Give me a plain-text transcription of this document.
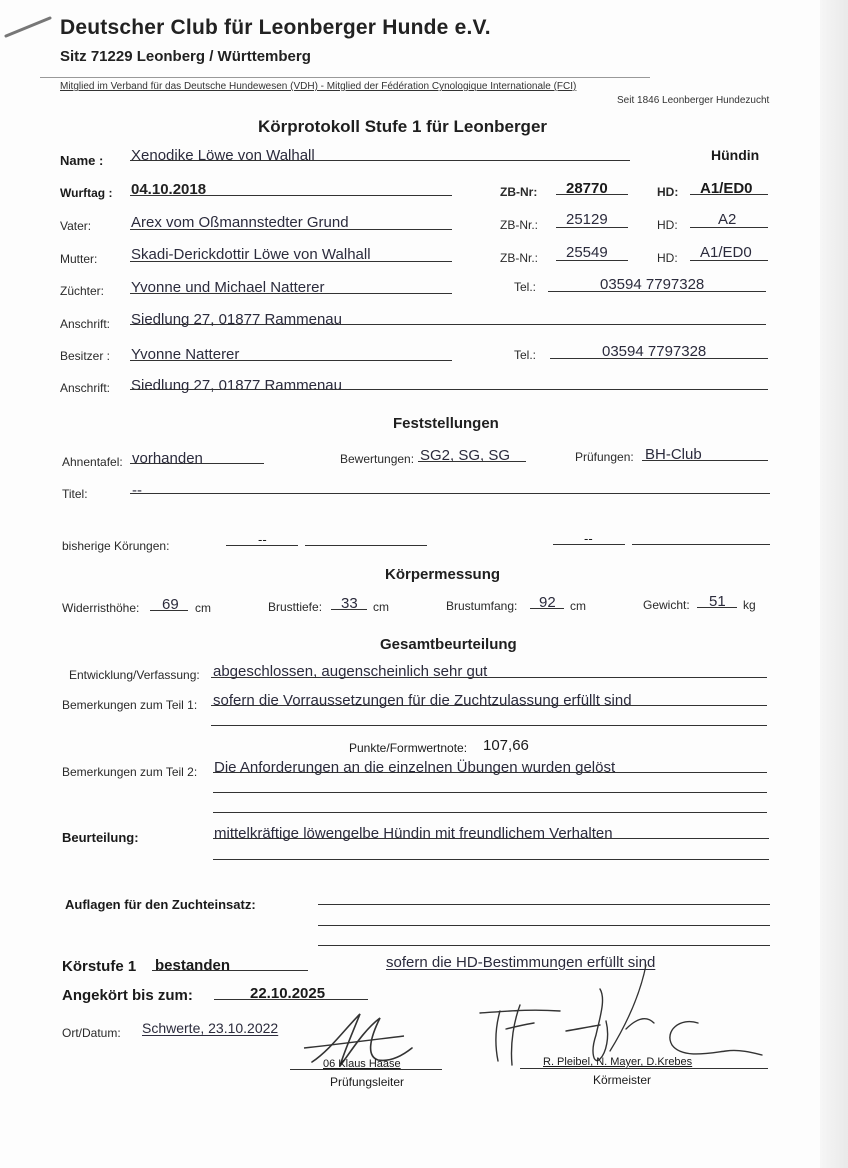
Deutscher Club für Leonberger Hunde e.V.
Sitz 71229 Leonberg / Württemberg
Mitglied im Verband für das Deutsche Hundewesen (VDH) - Mitglied der Fédération Cynologique Internationale (FCI)
Seit 1846 Leonberger Hundezucht
Körprotokoll Stufe 1 für Leonberger
Name : Xenodike Löwe von Walhall	Hündin
Wurftag : 04.10.2018	ZB-Nr: 28770	HD: A1/ED0
Vater:	Arex vom Oßmannstedter Grund	ZB-Nr.: 25129	HD:	A2
Mutter: Skadi-Derickdottir Löwe von Walhall	ZB-Nr.: 25549	HD: A1/ED0
Züchter: Yvonne und Michael Natterer	Tel.:	03594 7797328
Anschrift: Siedlung 27, 01877 Rammenau
Besitzer : Yvonne Natterer	Tel.:	03594 7797328
Anschrift: Siedlung 27, 01877 Rammenau
Feststellungen
Ahnentafel: vorhanden	Bewertungen: SG2, SG, SG	Prüfungen: BH-Club
Titel:	--
bisherige Körungen:	--	--
Körpermessung
Widerristhöhe: 69 cm	Brusttiefe: 33 cm	Brustumfang: 92 cm	Gewicht: 51 kg
Gesamtbeurteilung
Entwicklung/Verfassung: abgeschlossen, augenscheinlich sehr gut
Bemerkungen zum Teil 1: sofern die Vorraussetzungen für die Zuchtzulassung erfüllt sind
Punkte/Formwertnote: 107,66
Bemerkungen zum Teil 2: Die Anforderungen an die einzelnen Übungen wurden gelöst
Beurteilung:	mittelkräftige löwengelbe Hündin mit freundlichem Verhalten
Auflagen für den Zuchteinsatz:
Körstufe 1 bestanden	sofern die HD-Bestimmungen erfüllt sind
Angekört bis zum:	22.10.2025
Ort/Datum: Schwerte, 23.10.2022
06 Klaus Haase
Prüfungsleiter
R. Pleibel, N. Mayer, D.Krebes
Körmeister
